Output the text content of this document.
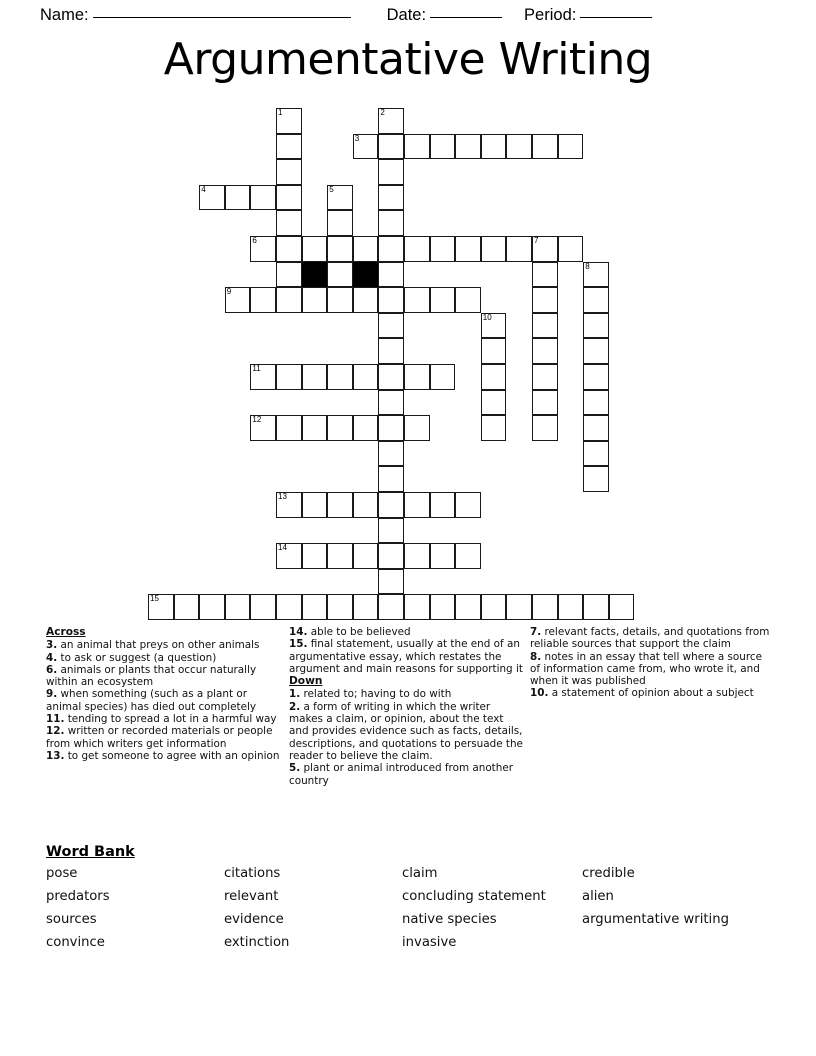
Name:	Date:	Period:
Argumentative Writing
1	2
3
4	5
6	7
8
9
10
11
12
13
14
15
Across

3. an animal that preys on other animals

4. to ask or suggest (a question)

6. animals or plants that occur naturally within an ecosystem

9. when something (such as a plant or animal species) has died out completely

11. tending to spread a lot in a harmful way

12. written or recorded materials or people from which writers get information

13. to get someone to agree with an opinion

14. able to be believed

15. final statement, usually at the end of an argumentative essay, which restates the argument and main reasons for supporting it

Down

1. related to; having to do with

2. a form of writing in which the writer makes a claim, or opinion, about the text and provides evidence such as facts, details, descriptions, and quotations to persuade the reader to believe the claim.

5. plant or animal introduced from another country

7. relevant facts, details, and quotations from reliable sources that support the claim

8. notes in an essay that tell where a source of information came from, who wrote it, and when it was published

10. a statement of opinion about a subject

Word Bank
pose	citations	claim	credible
predators	relevant	concluding statement	alien
sources	evidence	native species	argumentative writing
convince	extinction	invasive
